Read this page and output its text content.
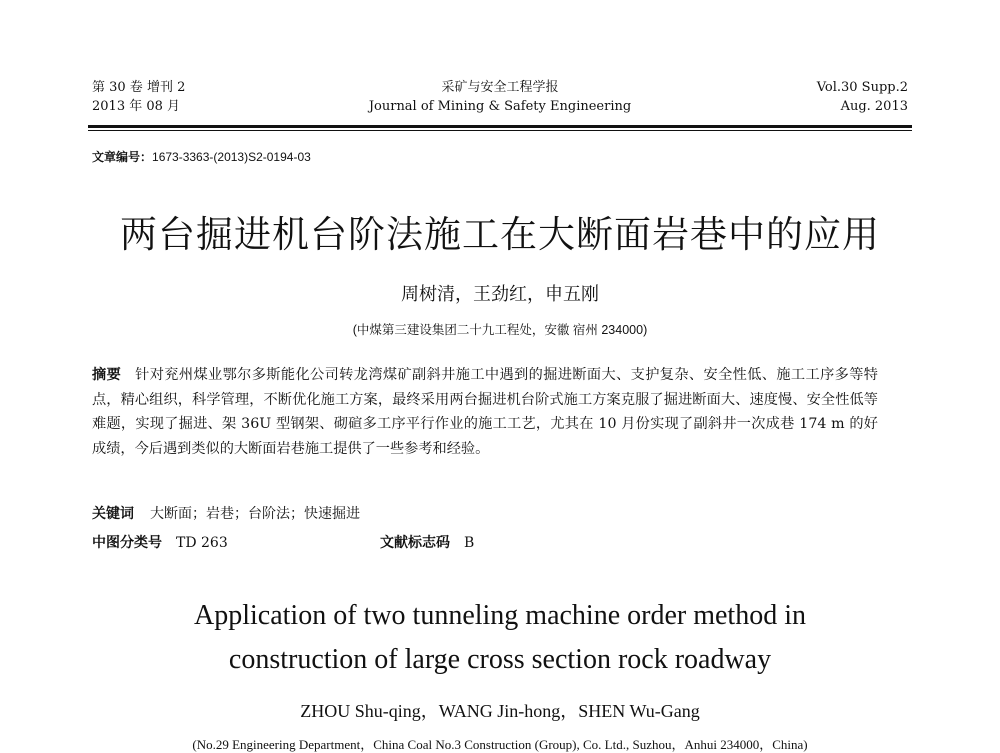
第 30 卷 增刊 2
2013 年 08 月
采矿与安全工程学报
Journal of Mining & Safety Engineering
Vol.30 Supp.2
Aug. 2013
文章编号：1673-3363-(2013)S2-0194-03
两台掘进机台阶法施工在大断面岩巷中的应用
周树清，王劲红，申五刚
(中煤第三建设集团二十九工程处，安徽 宿州 234000)
摘要 针对兖州煤业鄂尔多斯能化公司转龙湾煤矿副斜井施工中遇到的掘进断面大、支护复杂、安全性低、施工工序多等特点，精心组织，科学管理，不断优化施工方案，最终采用两台掘进机台阶式施工方案克服了掘进断面大、速度慢、安全性低等难题，实现了掘进、架 36U 型钢架、砌碹多工序平行作业的施工工艺，尤其在 10 月份实现了副斜井一次成巷 174 m 的好成绩，今后遇到类似的大断面岩巷施工提供了一些参考和经验。
关键词 大断面；岩巷；台阶法；快速掘进
中图分类号 TD 263	文献标志码 B
Application of two tunneling machine order method in
construction of large cross section rock roadway
ZHOU Shu-qing，WANG Jin-hong，SHEN Wu-Gang
(No.29 Engineering Department，China Coal No.3 Construction (Group), Co. Ltd., Suzhou，Anhui 234000，China)
